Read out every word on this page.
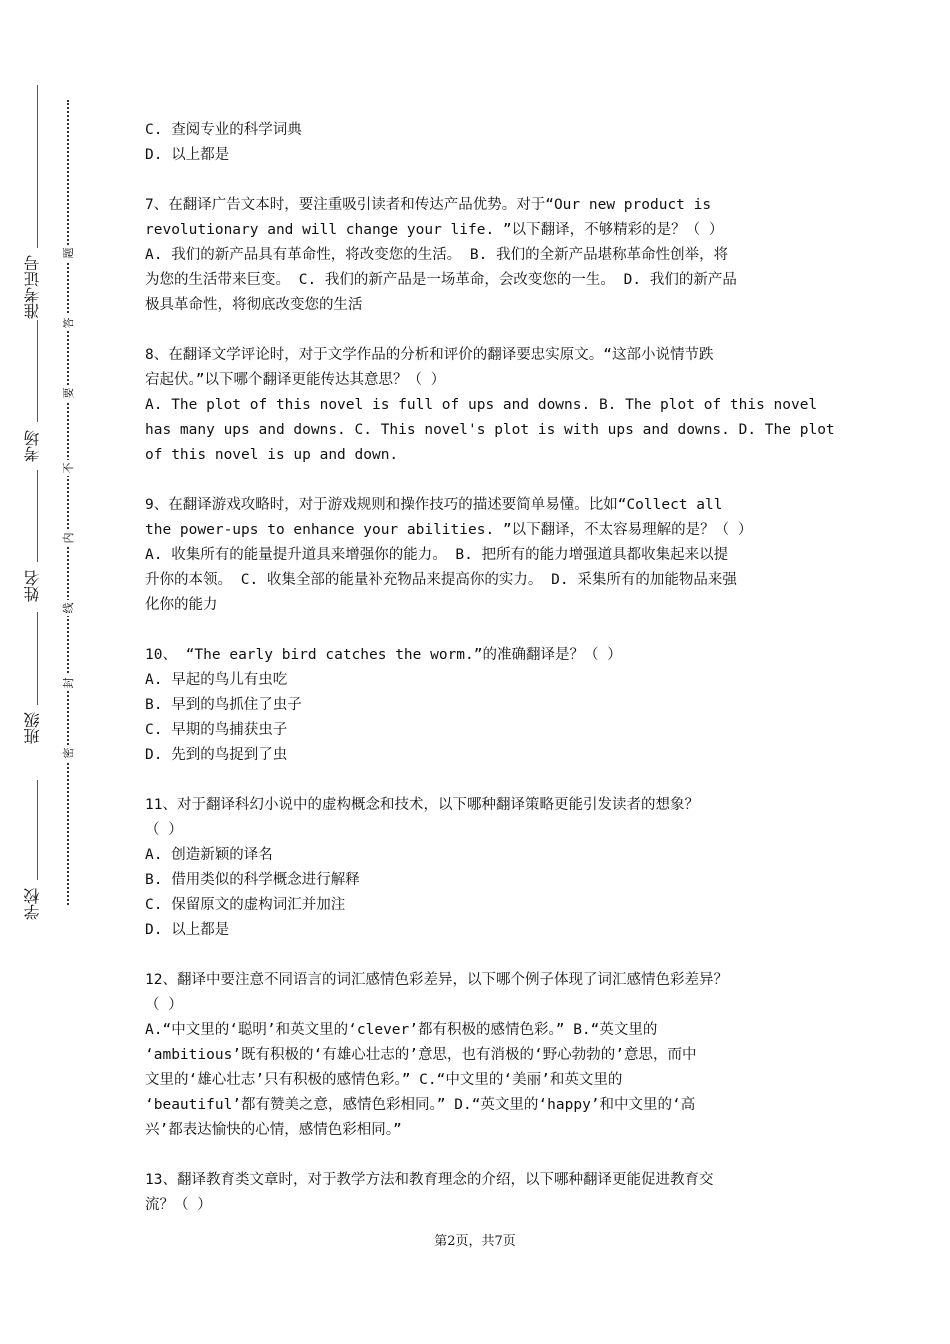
学校
班级
姓名
考场
准考证号
密
封
线
内
不
要
答
题
C. 查阅专业的科学词典
D. 以上都是
7、在翻译广告文本时，要注重吸引读者和传达产品优势。对于“Our new product is
revolutionary and will change your life. ”以下翻译，不够精彩的是？（ ）
A. 我们的新产品具有革命性，将改变您的生活。 B. 我们的全新产品堪称革命性创举，将
为您的生活带来巨变。 C. 我们的新产品是一场革命，会改变您的一生。 D. 我们的新产品
极具革命性，将彻底改变您的生活
8、在翻译文学评论时，对于文学作品的分析和评价的翻译要忠实原文。“这部小说情节跌
宕起伏。”以下哪个翻译更能传达其意思？（ ）
A. The plot of this novel is full of ups and downs. B. The plot of this novel
has many ups and downs. C. This novel's plot is with ups and downs. D. The plot
of this novel is up and down.
9、在翻译游戏攻略时，对于游戏规则和操作技巧的描述要简单易懂。比如“Collect all
the power-ups to enhance your abilities. ”以下翻译，不太容易理解的是？（ ）
A. 收集所有的能量提升道具来增强你的能力。 B. 把所有的能力增强道具都收集起来以提
升你的本领。 C. 收集全部的能量补充物品来提高你的实力。 D. 采集所有的加能物品来强
化你的能力
10、 “The early bird catches the worm.”的准确翻译是？（ ）
A. 早起的鸟儿有虫吃
B. 早到的鸟抓住了虫子
C. 早期的鸟捕获虫子
D. 先到的鸟捉到了虫
11、对于翻译科幻小说中的虚构概念和技术，以下哪种翻译策略更能引发读者的想象？
（ ）
A. 创造新颖的译名
B. 借用类似的科学概念进行解释
C. 保留原文的虚构词汇并加注
D. 以上都是
12、翻译中要注意不同语言的词汇感情色彩差异，以下哪个例子体现了词汇感情色彩差异？
（ ）
A.“中文里的‘聪明’和英文里的‘clever’都有积极的感情色彩。” B.“英文里的
‘ambitious’既有积极的‘有雄心壮志的’意思，也有消极的‘野心勃勃的’意思，而中
文里的‘雄心壮志’只有积极的感情色彩。” C.“中文里的‘美丽’和英文里的
‘beautiful’都有赞美之意，感情色彩相同。” D.“英文里的‘happy’和中文里的‘高
兴’都表达愉快的心情，感情色彩相同。”
13、翻译教育类文章时，对于教学方法和教育理念的介绍，以下哪种翻译更能促进教育交
流？（ ）
第2页，共7页
